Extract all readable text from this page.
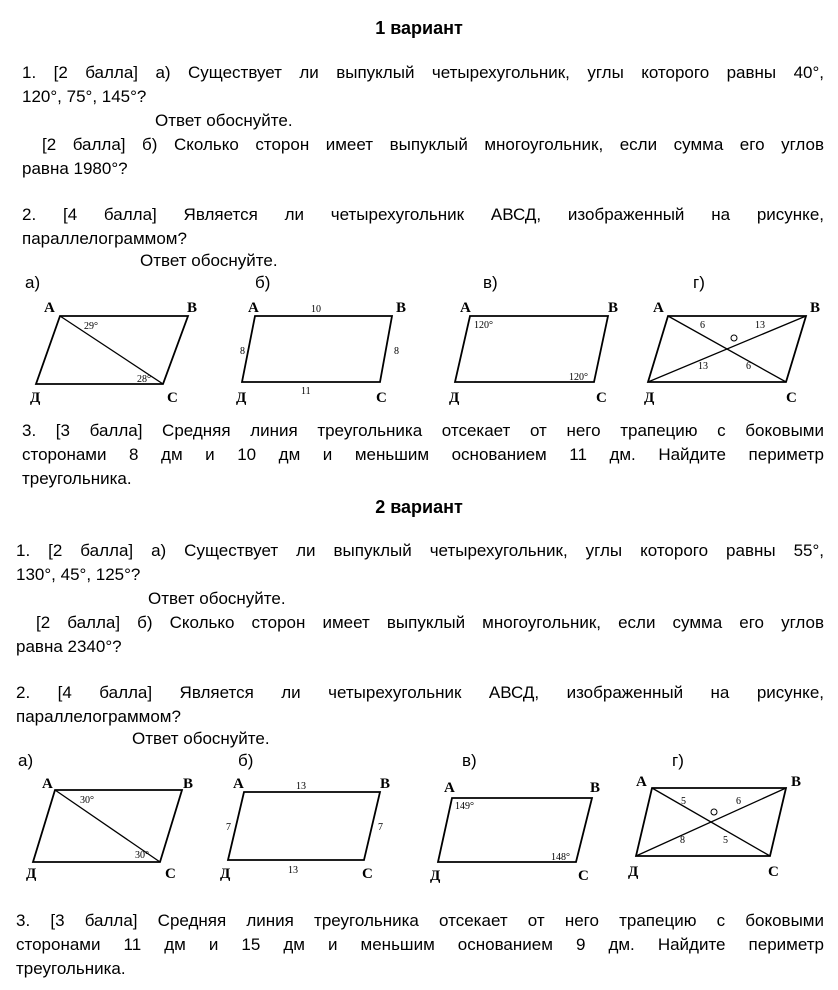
1 вариант
1. [2 балла] а) Существует ли выпуклый четырехугольник, углы которого равны 40°,
120°, 75°, 145°?
Ответ обоснуйте.
[2 балла] б) Сколько сторон имеет выпуклый многоугольник, если сумма его углов
равна 1980°?
2. [4 балла] Является ли четырехугольник АВСД, изображенный на рисунке,
параллелограммом?
Ответ обоснуйте.
а)	б)	в)	г)
А	В
С
Д
29°
28°
А	В
С
Д
10
11
8	8
А	В
С
Д
120°
120°
А	В
С
Д
6	13
13	6
3. [3 балла] Средняя линия треугольника отсекает от него трапецию с боковыми
сторонами 8 дм и 10 дм и меньшим основанием 11 дм. Найдите периметр
треугольника.
2 вариант
1. [2 балла] а) Существует ли выпуклый четырехугольник, углы которого равны 55°,
130°, 45°, 125°?
Ответ обоснуйте.
[2 балла] б) Сколько сторон имеет выпуклый многоугольник, если сумма его углов
равна 2340°?
2. [4 балла] Является ли четырехугольник АВСД, изображенный на рисунке,
параллелограммом?
Ответ обоснуйте.
а)	б)	в)	г)
А	В
С
Д
30°
30°
А	В
С
Д
13
13
7	7
А	В
С
Д
149°
148°
А	В
С
Д
5	6
8	5
3. [3 балла] Средняя линия треугольника отсекает от него трапецию с боковыми
сторонами 11 дм и 15 дм и меньшим основанием 9 дм. Найдите периметр
треугольника.
